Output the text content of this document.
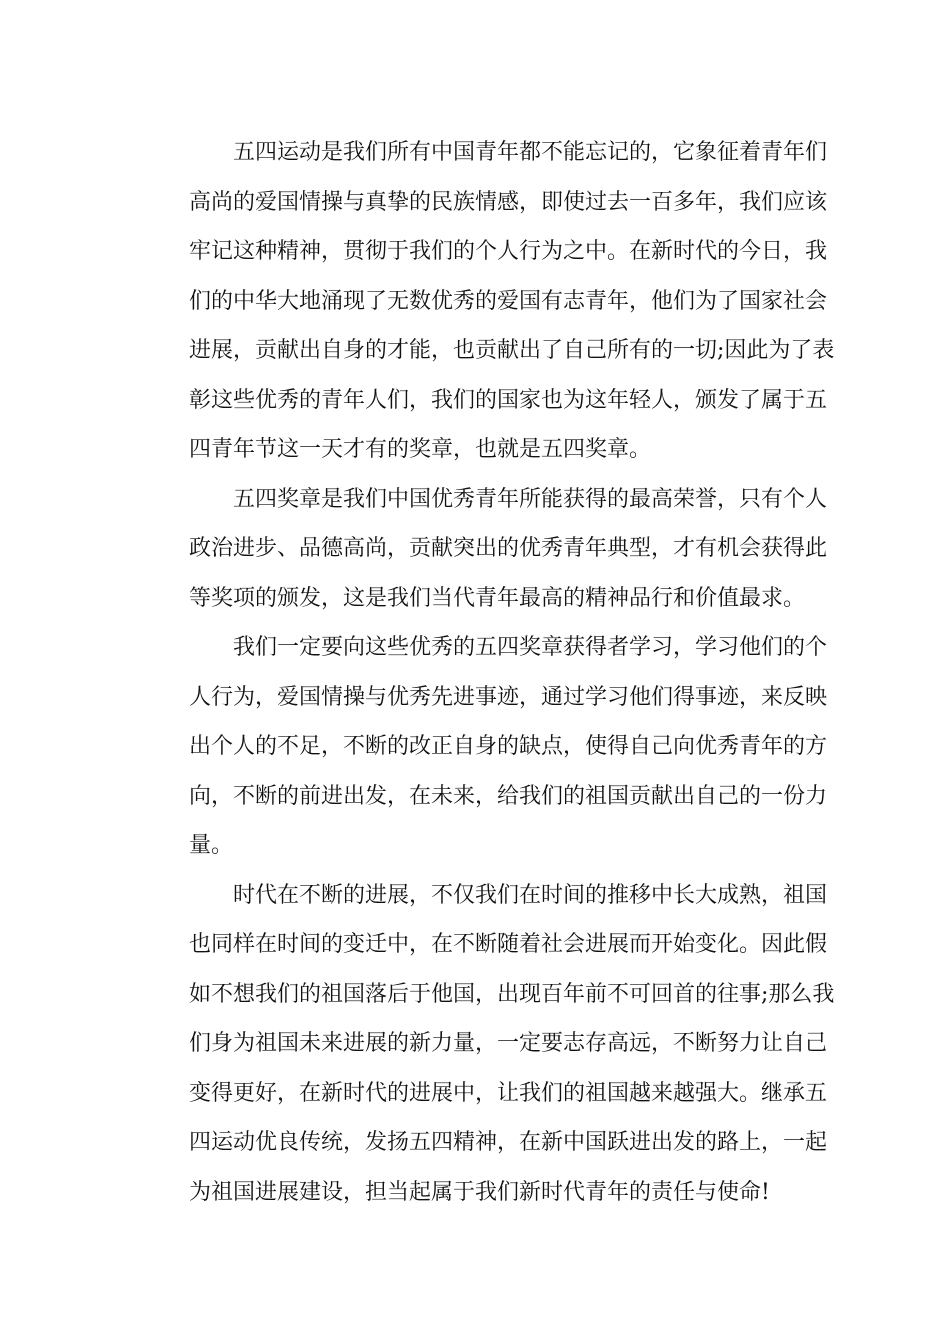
五四运动是我们所有中国青年都不能忘记的，它象征着青年们
高尚的爱国情操与真挚的民族情感，即使过去一百多年，我们应该
牢记这种精神，贯彻于我们的个人行为之中。在新时代的今日，我
们的中华大地涌现了无数优秀的爱国有志青年，他们为了国家社会
进展，贡献出自身的才能，也贡献出了自己所有的一切;因此为了表
彰这些优秀的青年人们，我们的国家也为这年轻人，颁发了属于五
四青年节这一天才有的奖章，也就是五四奖章。
五四奖章是我们中国优秀青年所能获得的最高荣誉，只有个人
政治进步、品德高尚，贡献突出的优秀青年典型，才有机会获得此
等奖项的颁发，这是我们当代青年最高的精神品行和价值最求。
我们一定要向这些优秀的五四奖章获得者学习，学习他们的个
人行为，爱国情操与优秀先进事迹，通过学习他们得事迹，来反映
出个人的不足，不断的改正自身的缺点，使得自己向优秀青年的方
向，不断的前进出发，在未来，给我们的祖国贡献出自己的一份力
量。
时代在不断的进展，不仅我们在时间的推移中长大成熟，祖国
也同样在时间的变迁中，在不断随着社会进展而开始变化。因此假
如不想我们的祖国落后于他国，出现百年前不可回首的往事;那么我
们身为祖国未来进展的新力量，一定要志存高远，不断努力让自己
变得更好，在新时代的进展中，让我们的祖国越来越强大。继承五
四运动优良传统，发扬五四精神，在新中国跃进出发的路上，一起
为祖国进展建设，担当起属于我们新时代青年的责任与使命!
